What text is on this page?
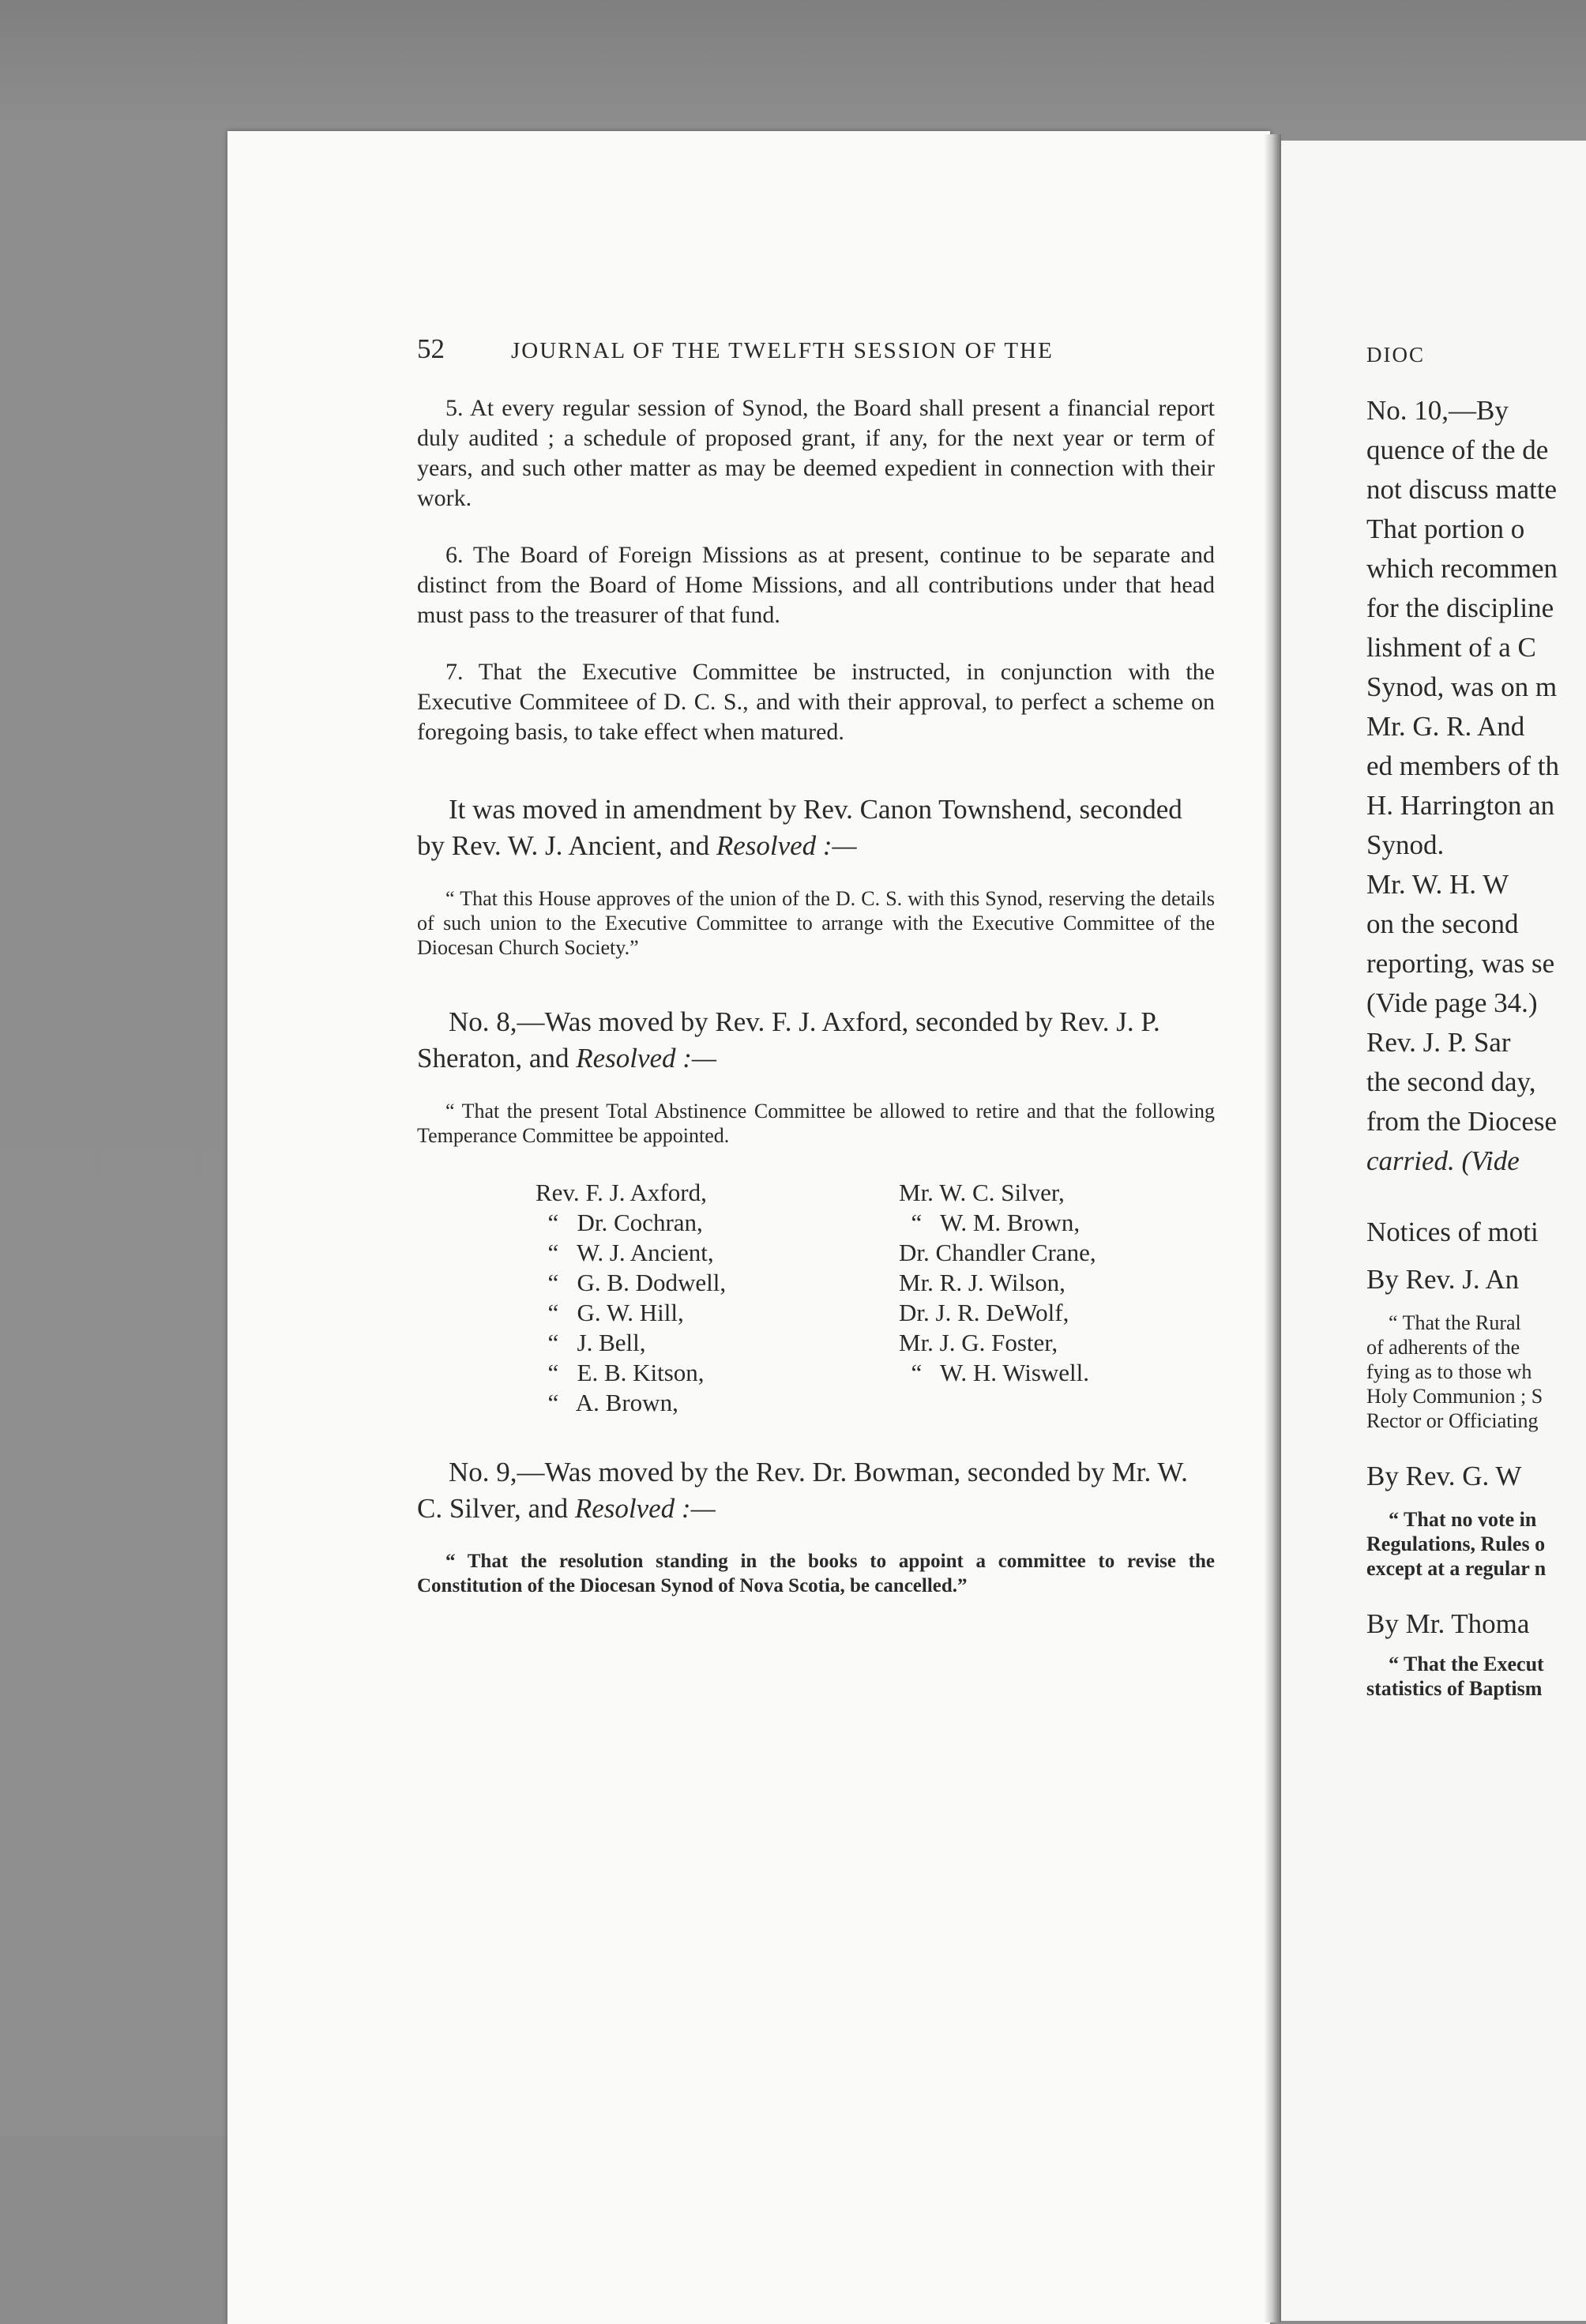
52	JOURNAL OF THE TWELFTH SESSION OF THE

5. At every regular session of Synod, the Board shall present a financial report duly audited ; a schedule of proposed grant, if any, for the next year or term of years, and such other matter as may be deemed expedient in connection with their work.

6. The Board of Foreign Missions as at present, continue to be separate and distinct from the Board of Home Missions, and all contributions under that head must pass to the treasurer of that fund.

7. That the Executive Committee be instructed, in conjunction with the Executive Commiteee of D. C. S., and with their approval, to perfect a scheme on foregoing basis, to take effect when matured.

It was moved in amendment by Rev. Canon Townshend, seconded by Rev. W. J. Ancient, and Resolved :—

“ That this House approves of the union of the D. C. S. with this Synod, reserving the details of such union to the Executive Committee to arrange with the Executive Committee of the Diocesan Church Society.”

No. 8,—Was moved by Rev. F. J. Axford, seconded by Rev. J. P. Sheraton, and Resolved :—

“ That the present Total Abstinence Committee be allowed to retire and that the following Temperance Committee be appointed.

Rev. F. J. Axford,
“   Dr. Cochran,
“   W. J. Ancient,
“   G. B. Dodwell,
“   G. W. Hill,
“   J. Bell,
“   E. B. Kitson,
“   A. Brown,
Mr. W. C. Silver,
“   W. M. Brown,
Dr. Chandler Crane,
Mr. R. J. Wilson,
Dr. J. R. DeWolf,
Mr. J. G. Foster,
“   W. H. Wiswell.

No. 9,—Was moved by the Rev. Dr. Bowman, seconded by Mr. W. C. Silver, and Resolved :—

“ That the resolution standing in the books to appoint a committee to revise the Constitution of the Diocesan Synod of Nova Scotia, be cancelled.”

DIOC
No. 10,—By
quence of the de
not discuss matte
That portion o
which recommen
for the discipline
lishment of a C
Synod, was on m
Mr. G. R. And
ed members of th
H. Harrington an
Synod.
Mr. W. H. W
on the second
reporting, was se
(Vide page 34.)
Rev. J. P. Sar
the second day,
from the Diocese
carried. (Vide
Notices of moti
By Rev. J. An
“ That the Rural
of adherents of the
fying as to those wh
Holy Communion ; S
Rector or Officiating
By Rev. G. W
“ That no vote in
Regulations, Rules o
except at a regular n
By Mr. Thoma
“ That the Execut
statistics of Baptism
